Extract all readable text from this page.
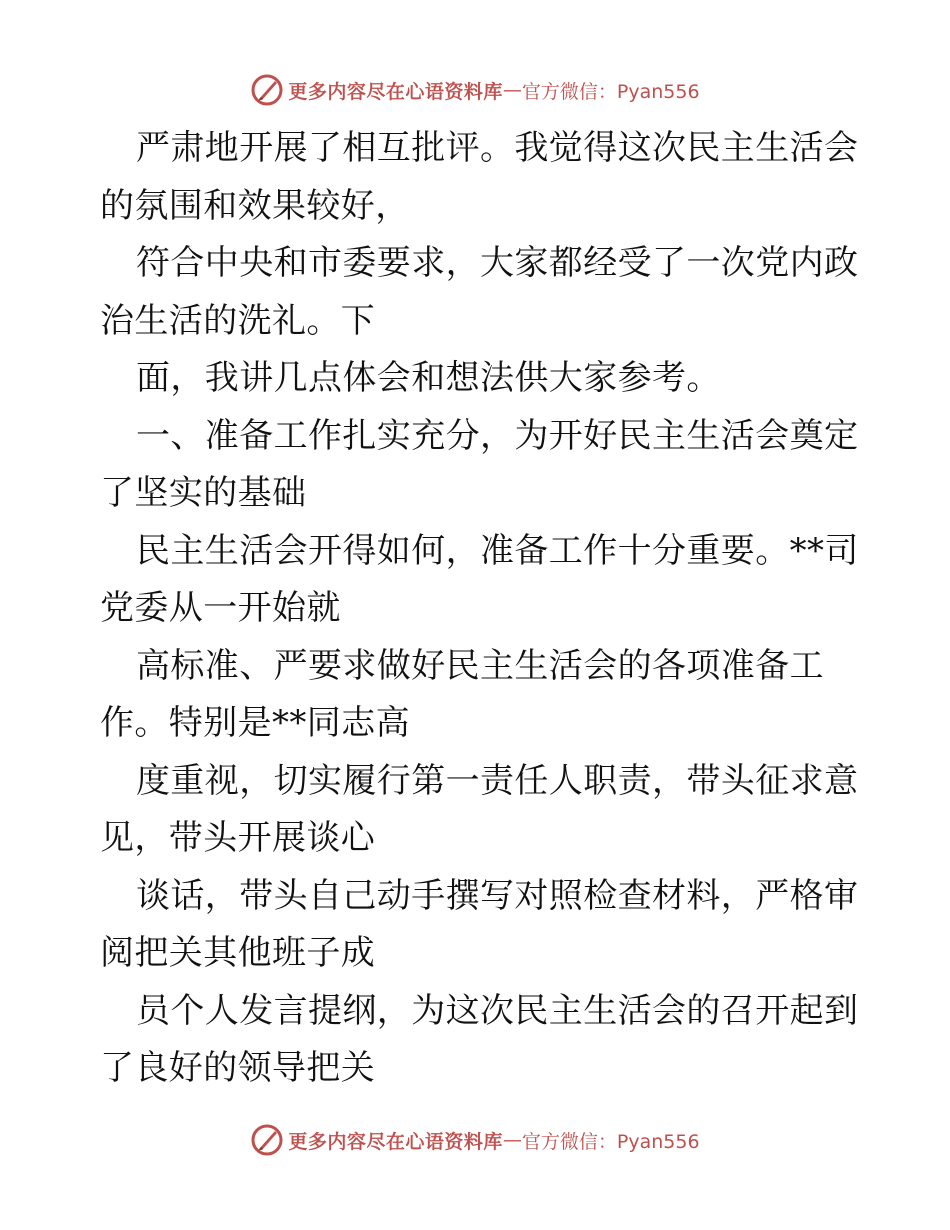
更多内容尽在心语资料库 — 官方微信：Pyan556
严肃地开展了相互批评。我觉得这次民主生活会
的氛围和效果较好，
符合中央和市委要求，大家都经受了一次党内政
治生活的洗礼。下
面，我讲几点体会和想法供大家参考。
一、准备工作扎实充分，为开好民主生活会奠定
了坚实的基础
民主生活会开得如何，准备工作十分重要。**司
党委从一开始就
高标准、严要求做好民主生活会的各项准备工
作。特别是**同志高
度重视，切实履行第一责任人职责，带头征求意
见，带头开展谈心
谈话，带头自己动手撰写对照检查材料，严格审
阅把关其他班子成
员个人发言提纲，为这次民主生活会的召开起到
了良好的领导把关
更多内容尽在心语资料库 — 官方微信：Pyan556
